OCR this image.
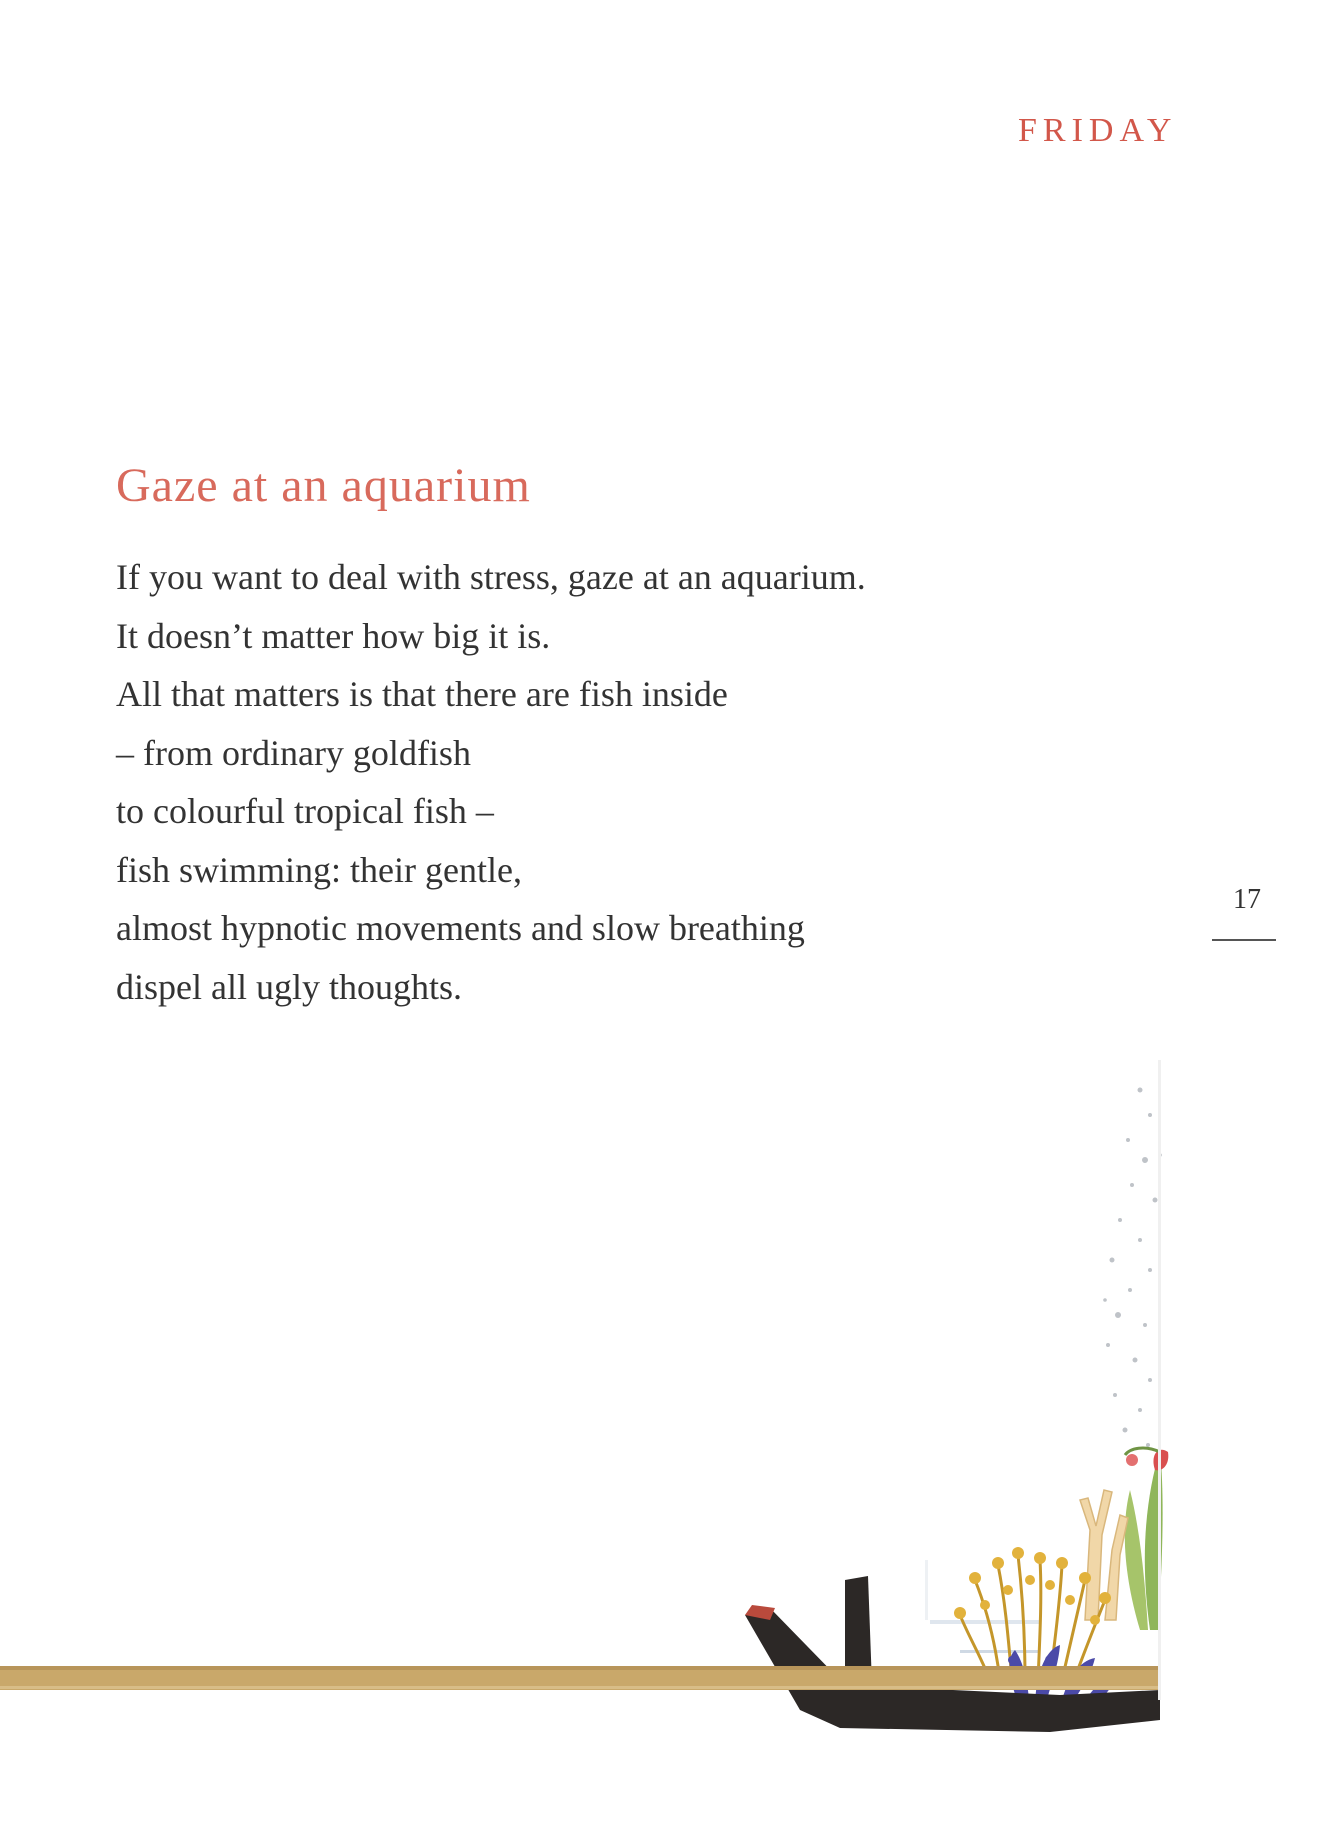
FRIDAY
Gaze at an aquarium
If you want to deal with stress, gaze at an aquarium.
It doesn’t matter how big it is.
All that matters is that there are fish inside
– from ordinary goldfish
to colourful tropical fish –
fish swimming: their gentle,
almost hypnotic movements and slow breathing
dispel all ugly thoughts.
17
